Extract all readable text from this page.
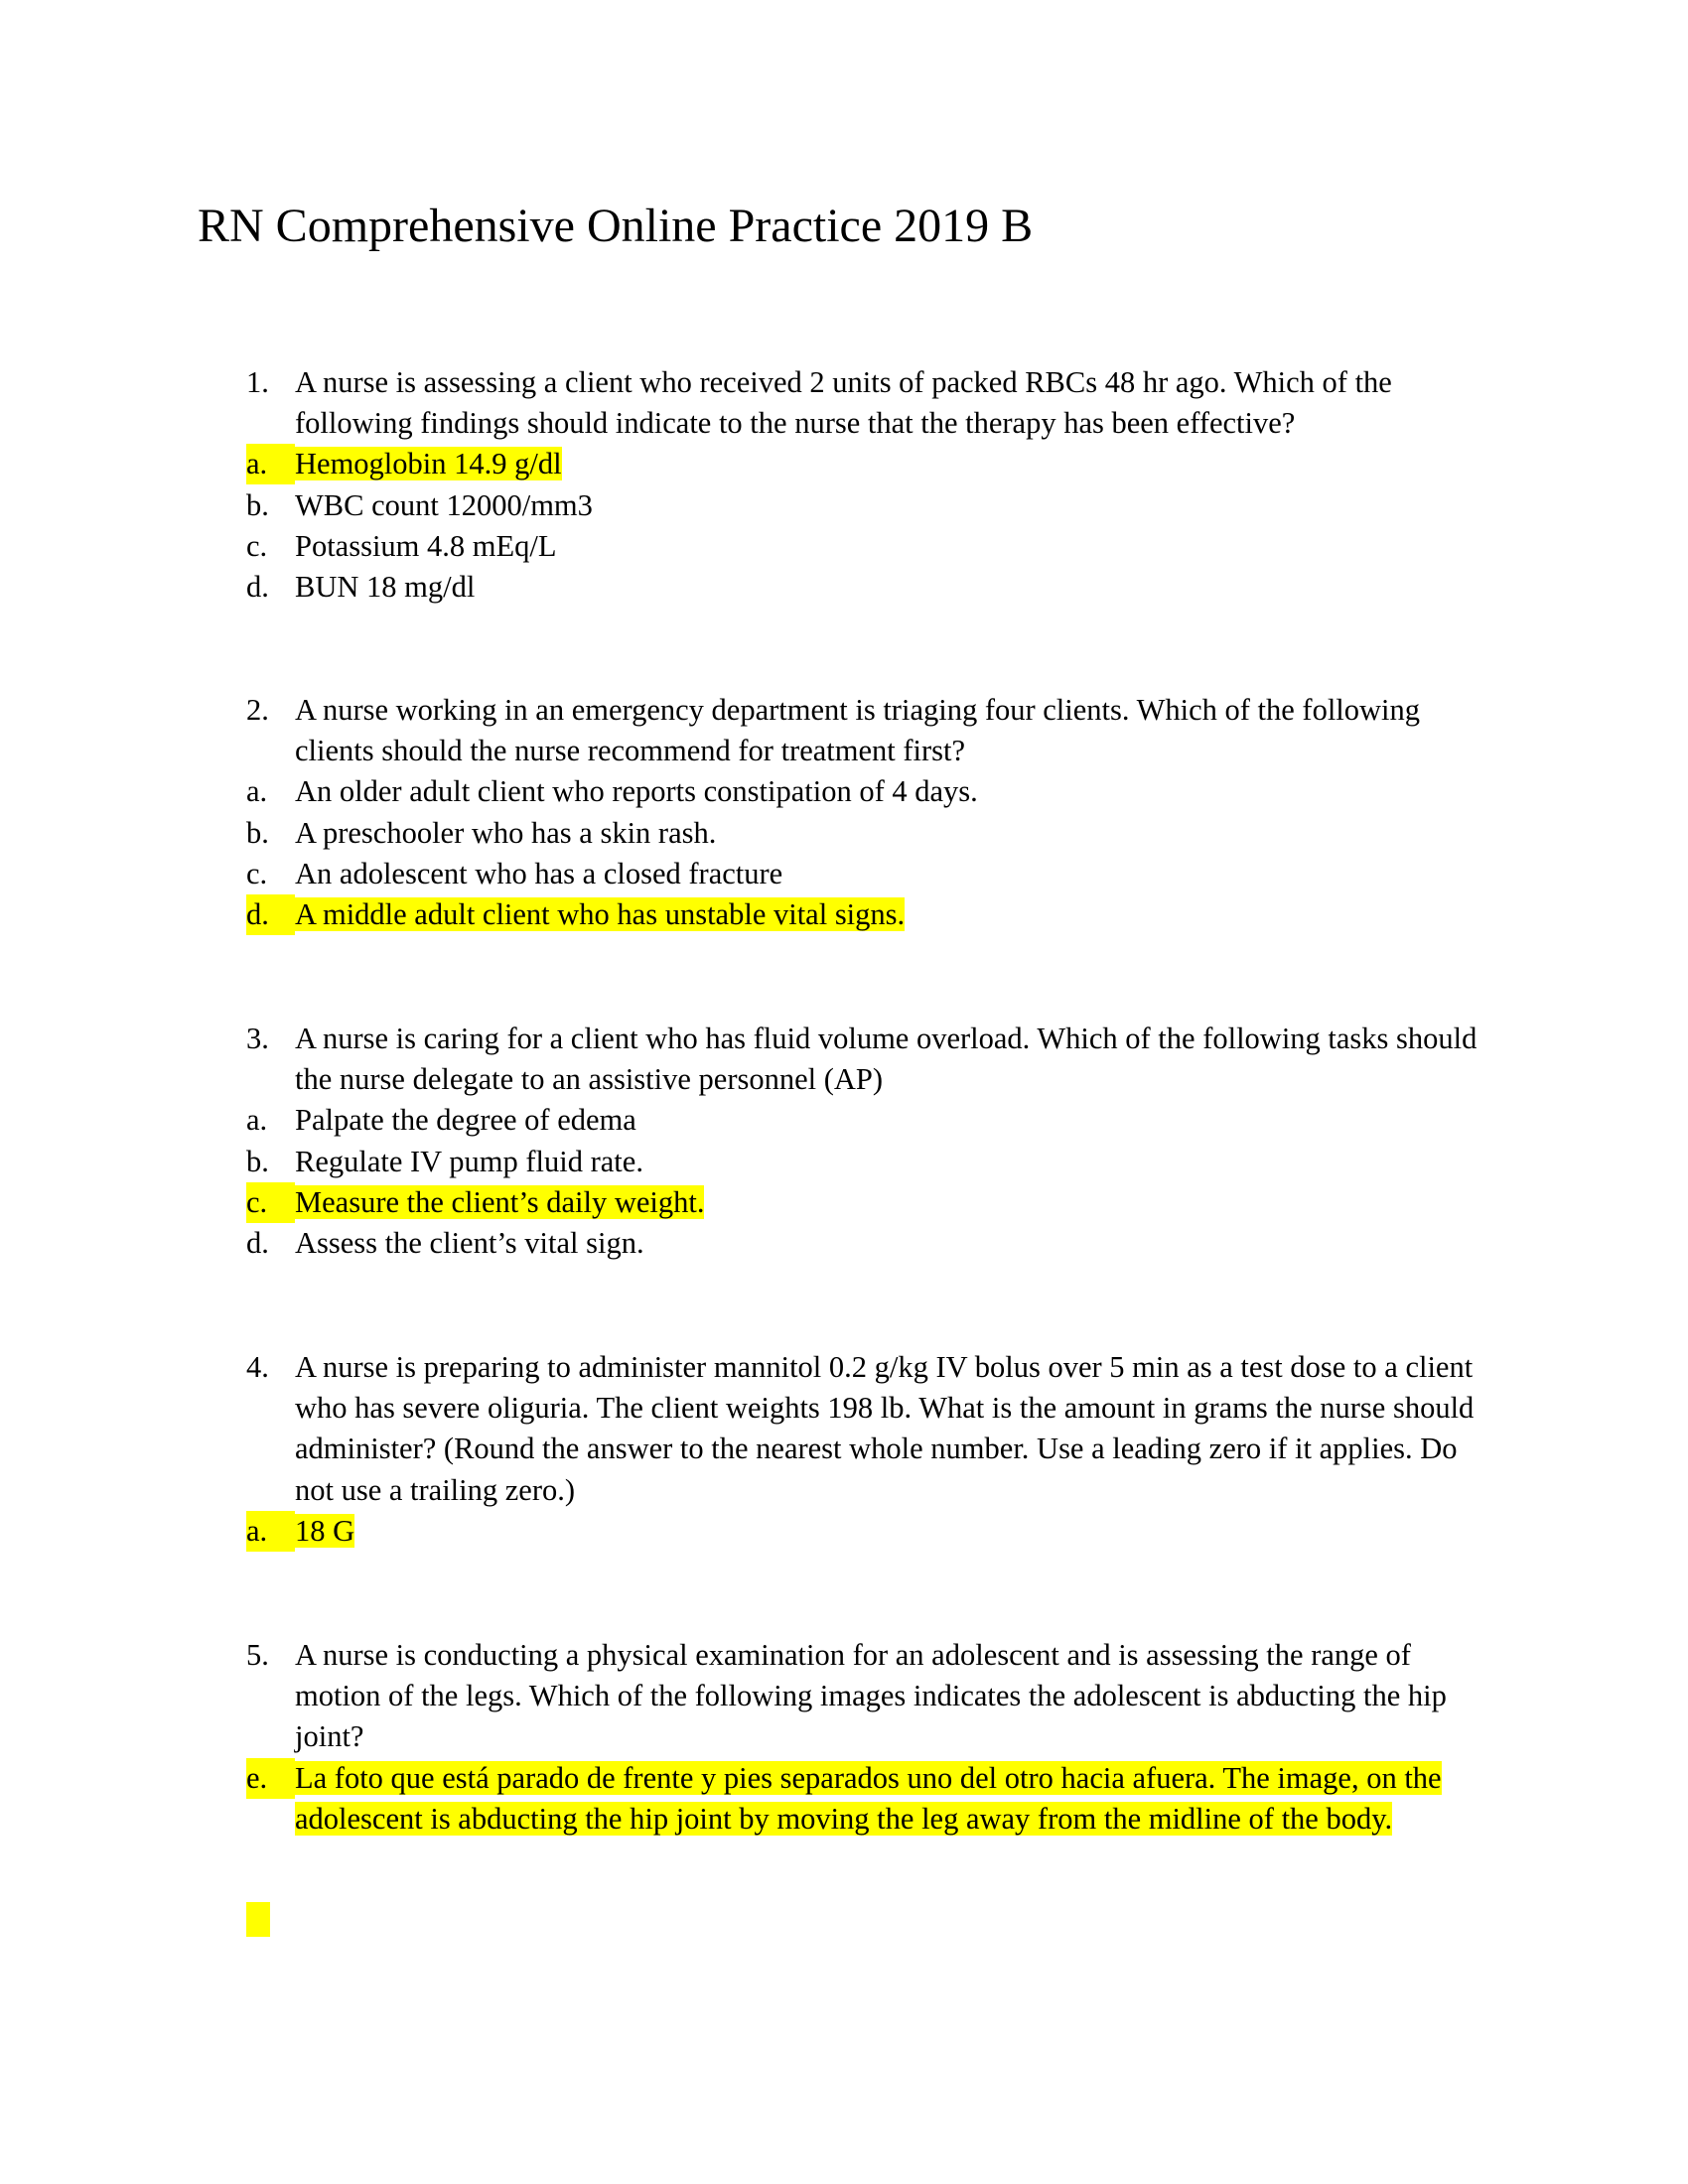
RN Comprehensive Online Practice 2019 B
1. A nurse is assessing a client who received 2 units of packed RBCs 48 hr ago. Which of the following findings should indicate to the nurse that the therapy has been effective?
a. Hemoglobin 14.9 g/dl
b. WBC count 12000/mm3
c. Potassium 4.8 mEq/L
d. BUN 18 mg/dl
2. A nurse working in an emergency department is triaging four clients. Which of the following clients should the nurse recommend for treatment first?
a. An older adult client who reports constipation of 4 days.
b. A preschooler who has a skin rash.
c. An adolescent who has a closed fracture
d. A middle adult client who has unstable vital signs.
3. A nurse is caring for a client who has fluid volume overload. Which of the following tasks should the nurse delegate to an assistive personnel (AP)
a. Palpate the degree of edema
b. Regulate IV pump fluid rate.
c. Measure the client’s daily weight.
d. Assess the client’s vital sign.
4. A nurse is preparing to administer mannitol 0.2 g/kg IV bolus over 5 min as a test dose to a client who has severe oliguria. The client weights 198 lb. What is the amount in grams the nurse should administer? (Round the answer to the nearest whole number. Use a leading zero if it applies. Do not use a trailing zero.)
a. 18 G
5. A nurse is conducting a physical examination for an adolescent and is assessing the range of motion of the legs. Which of the following images indicates the adolescent is abducting the hip joint?
e. La foto que está parado de frente y pies separados uno del otro hacia afuera. The image, on the adolescent is abducting the hip joint by moving the leg away from the midline of the body.
